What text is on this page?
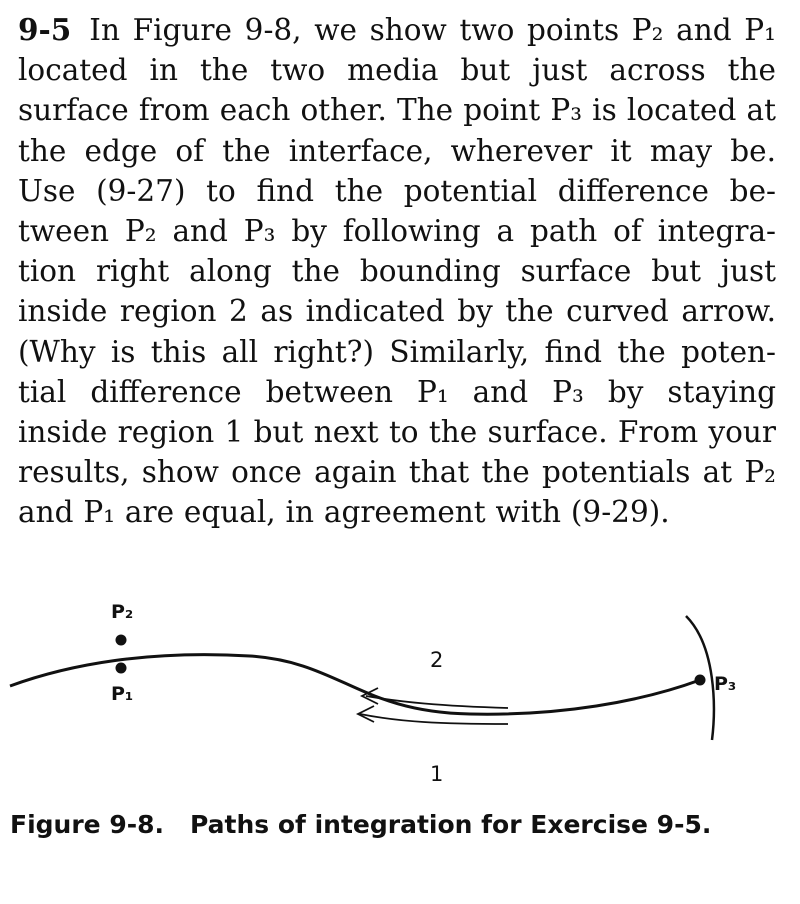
9-5 In Figure 9-8, we show two points P₂ and P₁ located in the two media but just across the surface from each other. The point P₃ is located at the edge of the interface, wherever it may be. Use (9-27) to find the potential difference be-tween P₂ and P₃ by following a path of integra-tion right along the bounding surface but just inside region 2 as indicated by the curved arrow. (Why is this all right?) Similarly, find the poten-tial difference between P₁ and P₃ by staying inside region 1 but next to the surface. From your results, show once again that the potentials at P₂ and P₁ are equal, in agreement with (9-29).
P₂
P₁	P₃
2
1
Figure 9-8. Paths of integration for Exercise 9-5.
